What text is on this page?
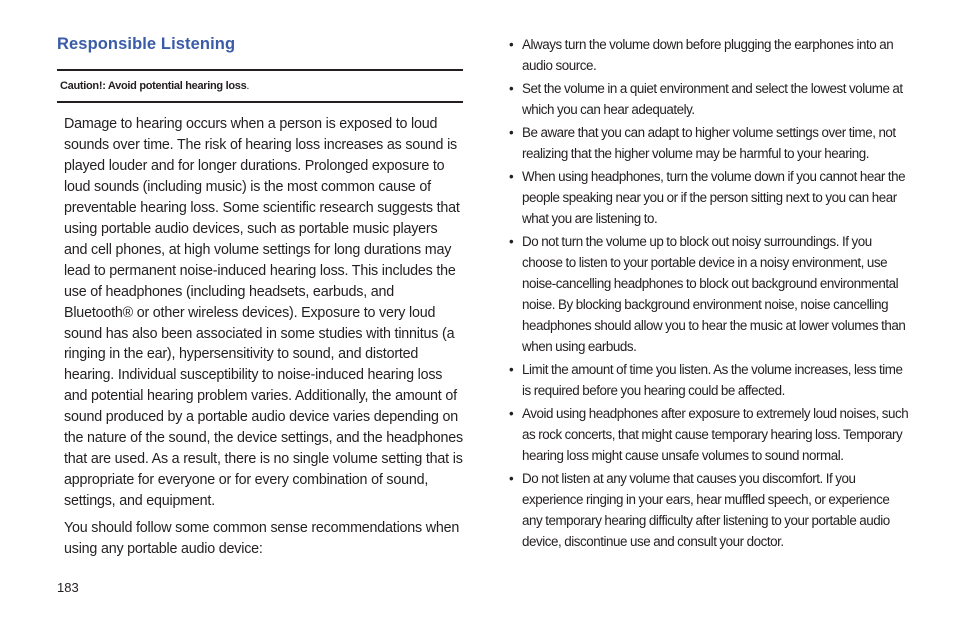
Responsible Listening
Caution!: Avoid potential hearing loss.

Damage to hearing occurs when a person is exposed to loud sounds over time. The risk of hearing loss increases as sound is played louder and for longer durations. Prolonged exposure to loud sounds (including music) is the most common cause of preventable hearing loss. Some scientific research suggests that using portable audio devices, such as portable music players and cell phones, at high volume settings for long durations may lead to permanent noise-induced hearing loss. This includes the use of headphones (including headsets, earbuds, and Bluetooth® or other wireless devices). Exposure to very loud sound has also been associated in some studies with tinnitus (a ringing in the ear), hypersensitivity to sound, and distorted hearing. Individual susceptibility to noise-induced hearing loss and potential hearing problem varies. Additionally, the amount of sound produced by a portable audio device varies depending on the nature of the sound, the device settings, and the headphones that are used. As a result, there is no single volume setting that is appropriate for everyone or for every combination of sound, settings, and equipment.

You should follow some common sense recommendations when using any portable audio device:

• Always turn the volume down before plugging the earphones into an audio source.
• Set the volume in a quiet environment and select the lowest volume at which you can hear adequately.
• Be aware that you can adapt to higher volume settings over time, not realizing that the higher volume may be harmful to your hearing.
• When using headphones, turn the volume down if you cannot hear the people speaking near you or if the person sitting next to you can hear what you are listening to.
• Do not turn the volume up to block out noisy surroundings. If you choose to listen to your portable device in a noisy environment, use noise-cancelling headphones to block out background environmental noise. By blocking background environment noise, noise cancelling headphones should allow you to hear the music at lower volumes than when using earbuds.
• Limit the amount of time you listen. As the volume increases, less time is required before you hearing could be affected.
• Avoid using headphones after exposure to extremely loud noises, such as rock concerts, that might cause temporary hearing loss. Temporary hearing loss might cause unsafe volumes to sound normal.
• Do not listen at any volume that causes you discomfort. If you experience ringing in your ears, hear muffled speech, or experience any temporary hearing difficulty after listening to your portable audio device, discontinue use and consult your doctor.
183
